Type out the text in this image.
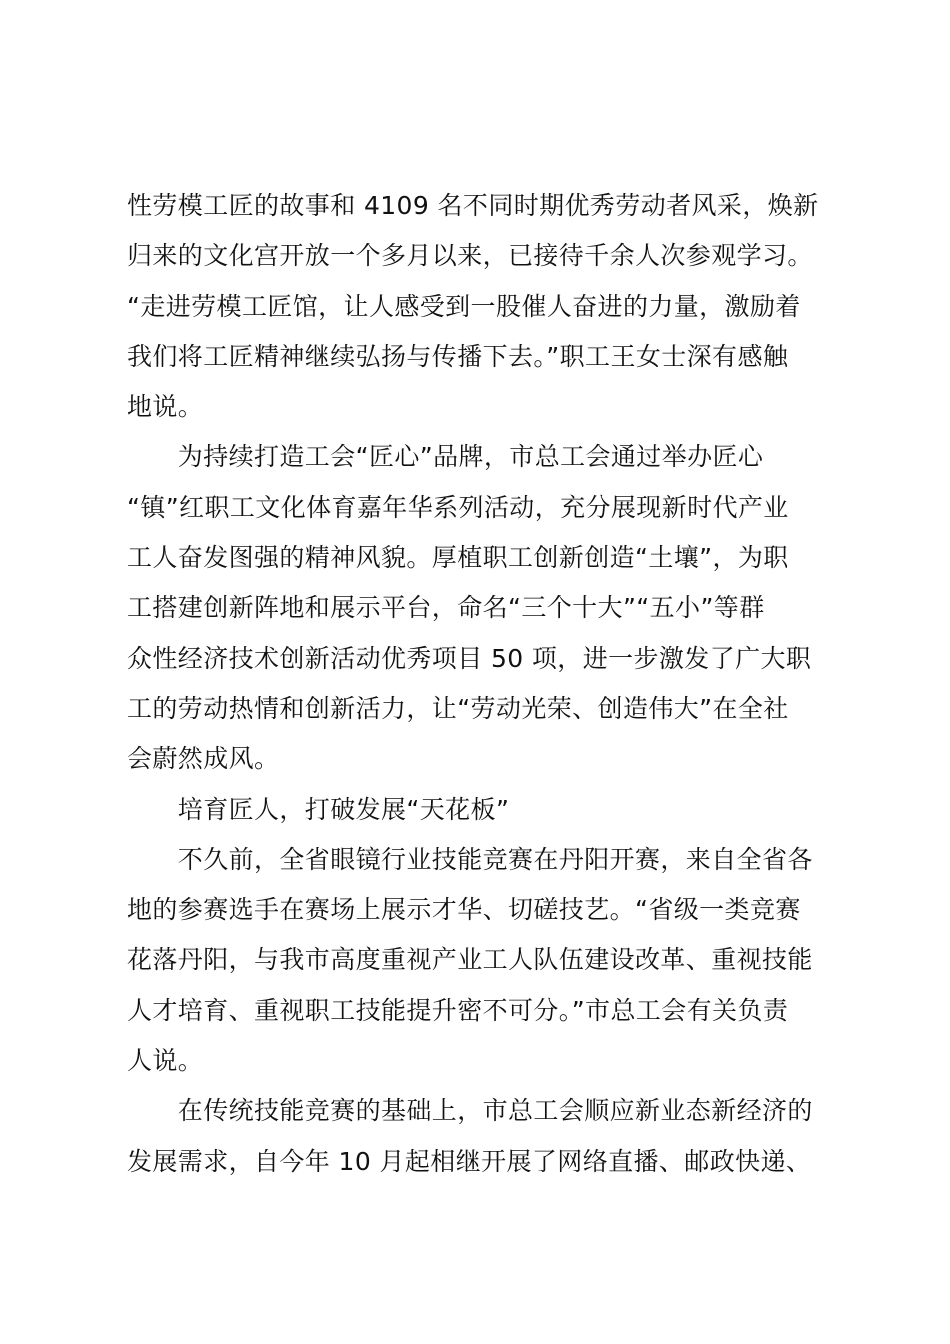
性劳模工匠的故事和 4109 名不同时期优秀劳动者风采，焕新
归来的文化宫开放一个多月以来，已接待千余人次参观学习。
“走进劳模工匠馆，让人感受到一股催人奋进的力量，激励着
我们将工匠精神继续弘扬与传播下去。”职工王女士深有感触
地说。
　　为持续打造工会“匠心”品牌，市总工会通过举办匠心
“镇”红职工文化体育嘉年华系列活动，充分展现新时代产业
工人奋发图强的精神风貌。厚植职工创新创造“土壤”，为职
工搭建创新阵地和展示平台，命名“三个十大”“五小”等群
众性经济技术创新活动优秀项目 50 项，进一步激发了广大职
工的劳动热情和创新活力，让“劳动光荣、创造伟大”在全社
会蔚然成风。
　　培育匠人，打破发展“天花板”
　　不久前，全省眼镜行业技能竞赛在丹阳开赛，来自全省各
地的参赛选手在赛场上展示才华、切磋技艺。“省级一类竞赛
花落丹阳，与我市高度重视产业工人队伍建设改革、重视技能
人才培育、重视职工技能提升密不可分。”市总工会有关负责
人说。
　　在传统技能竞赛的基础上，市总工会顺应新业态新经济的
发展需求，自今年 10 月起相继开展了网络直播、邮政快递、
